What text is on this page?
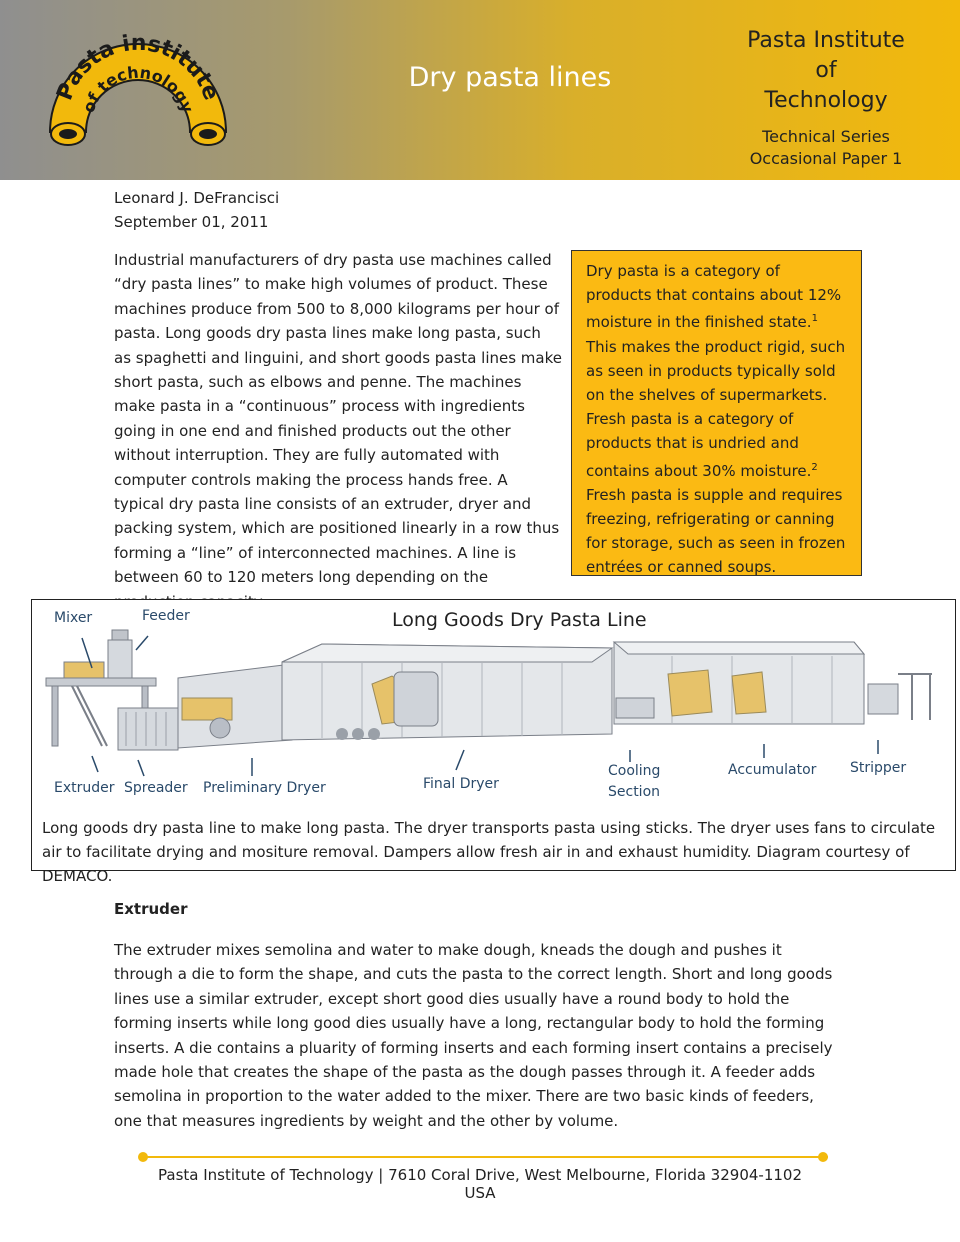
Pasta institute
of technology
Dry pasta lines
Pasta Institute
of
Technology
Technical Series
Occasional Paper 1
Leonard J. DeFrancisci
September 01, 2011

Industrial manufacturers of dry pasta use machines called “dry pasta lines” to make high volumes of product. These machines produce from 500 to 8,000 kilograms per hour of pasta. Long goods dry pasta lines make long pasta, such as spaghetti and linguini, and short goods pasta lines make short pasta, such as elbows and penne. The machines make pasta in a “continuous” process with ingredients going in one end and finished products out the other without interruption. They are fully automated with computer controls making the process hands free. A typical dry pasta line consists of an extruder, dryer and packing system, which are positioned linearly in a row thus forming a “line” of interconnected machines. A line is between 60 to 120 meters long depending on the

Dry pasta is a category of products that contains about 12% moisture in the finished state.$^1$ This makes the product rigid, such as seen in products typically sold on the shelves of supermarkets. Fresh pasta is a category of products that is undried and contains about 30% moisture.$^2$ Fresh pasta is supple and requires freezing, refrigerating or canning for storage, such as seen in frozen entrées or canned soups.

Long Goods Dry Pasta Line
Mixer	Feeder
Extruder Spreader Preliminary Dryer	Final Dryer
Cooling
Section
Accumulator Stripper

Long goods dry pasta line to make long pasta. The dryer transports pasta using sticks. The dryer uses fans to circulate air to facilitate drying and mositure removal. Dampers allow fresh air in and exhaust humidity. Diagram courtesy of DEMACO.

Extruder

The extruder mixes semolina and water to make dough, kneads the dough and pushes it through a die to form the shape, and cuts the pasta to the correct length. Short and long goods lines use a similar extruder, except short good dies usually have a round body to hold the forming inserts while long good dies usually have a long, rectangular body to hold the forming inserts. A die contains a pluarity of forming inserts and each forming insert contains a precisely made hole that creates the shape of the pasta as the dough passes through it. A feeder adds semolina in proportion to the water added to the mixer. There are two basic kinds of feeders, one that measures ingredients by weight and the other by volume.

Pasta Institute of Technology | 7610 Coral Drive, West Melbourne, Florida 32904-1102 USA
